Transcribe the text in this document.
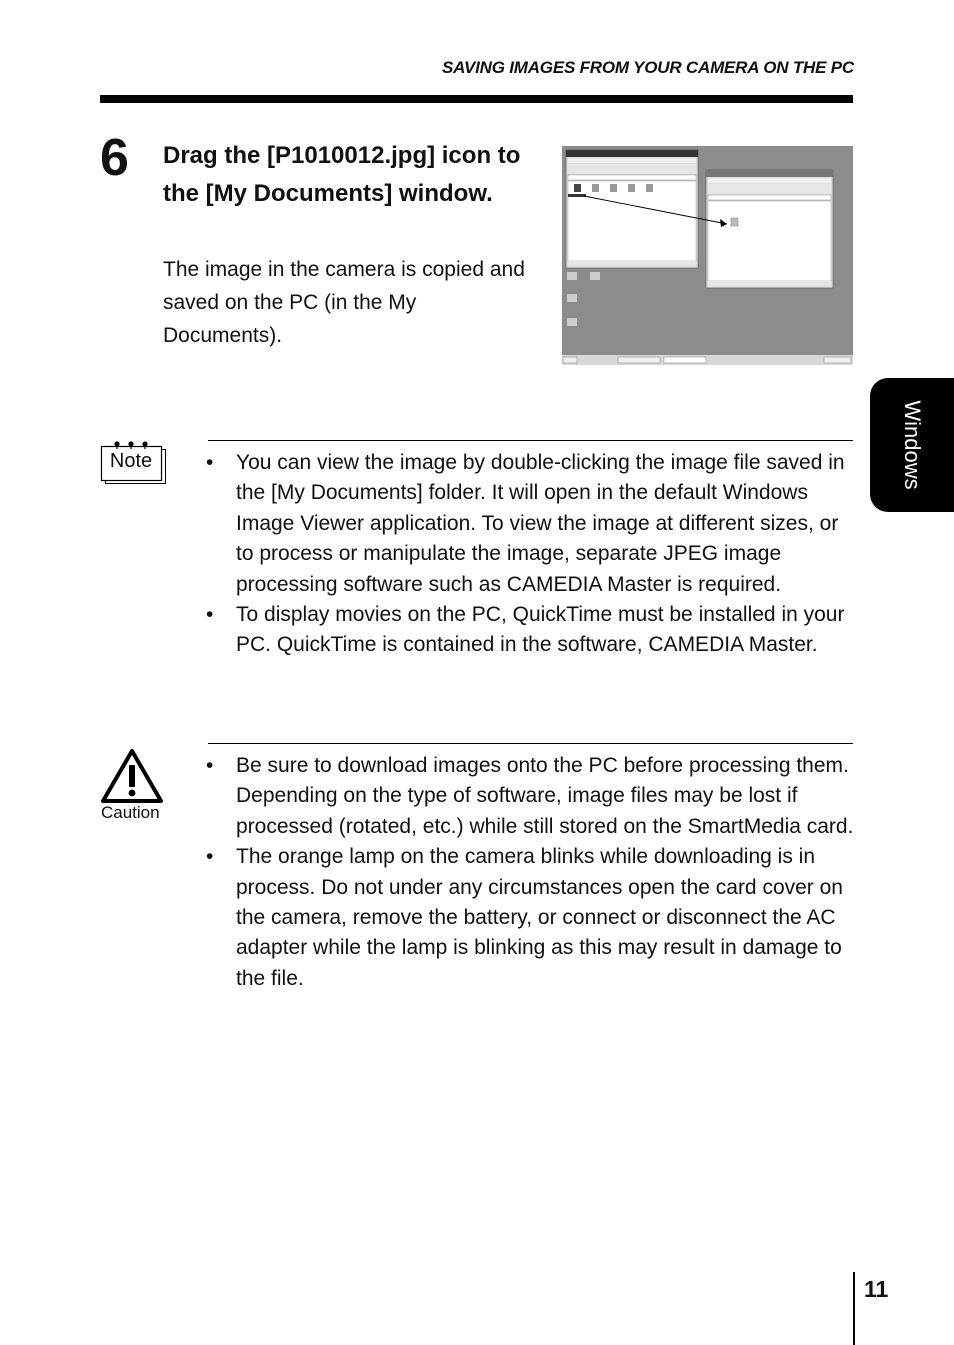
SAVING IMAGES FROM YOUR CAMERA ON THE PC
6 Drag the [P1010012.jpg] icon to the [My Documents] window.

The image in the camera is copied and saved on the PC (in the My Documents).

Windows
Note
•	You can view the image by double-clicking the image file saved in the [My Documents] folder. It will open in the default Windows Image Viewer application. To view the image at different sizes, or to process or manipulate the image, separate JPEG image processing software such as CAMEDIA Master is required.
• To display movies on the PC, QuickTime must be installed in your PC. QuickTime is contained in the software, CAMEDIA Master.
Caution
• Be sure to download images onto the PC before processing them. Depending on the type of software, image files may be lost if processed (rotated, etc.) while still stored on the SmartMedia card.
• The orange lamp on the camera blinks while downloading is in process. Do not under any circumstances open the card cover on the camera, remove the battery, or connect or disconnect the AC adapter while the lamp is blinking as this may result in damage to the file.
11
